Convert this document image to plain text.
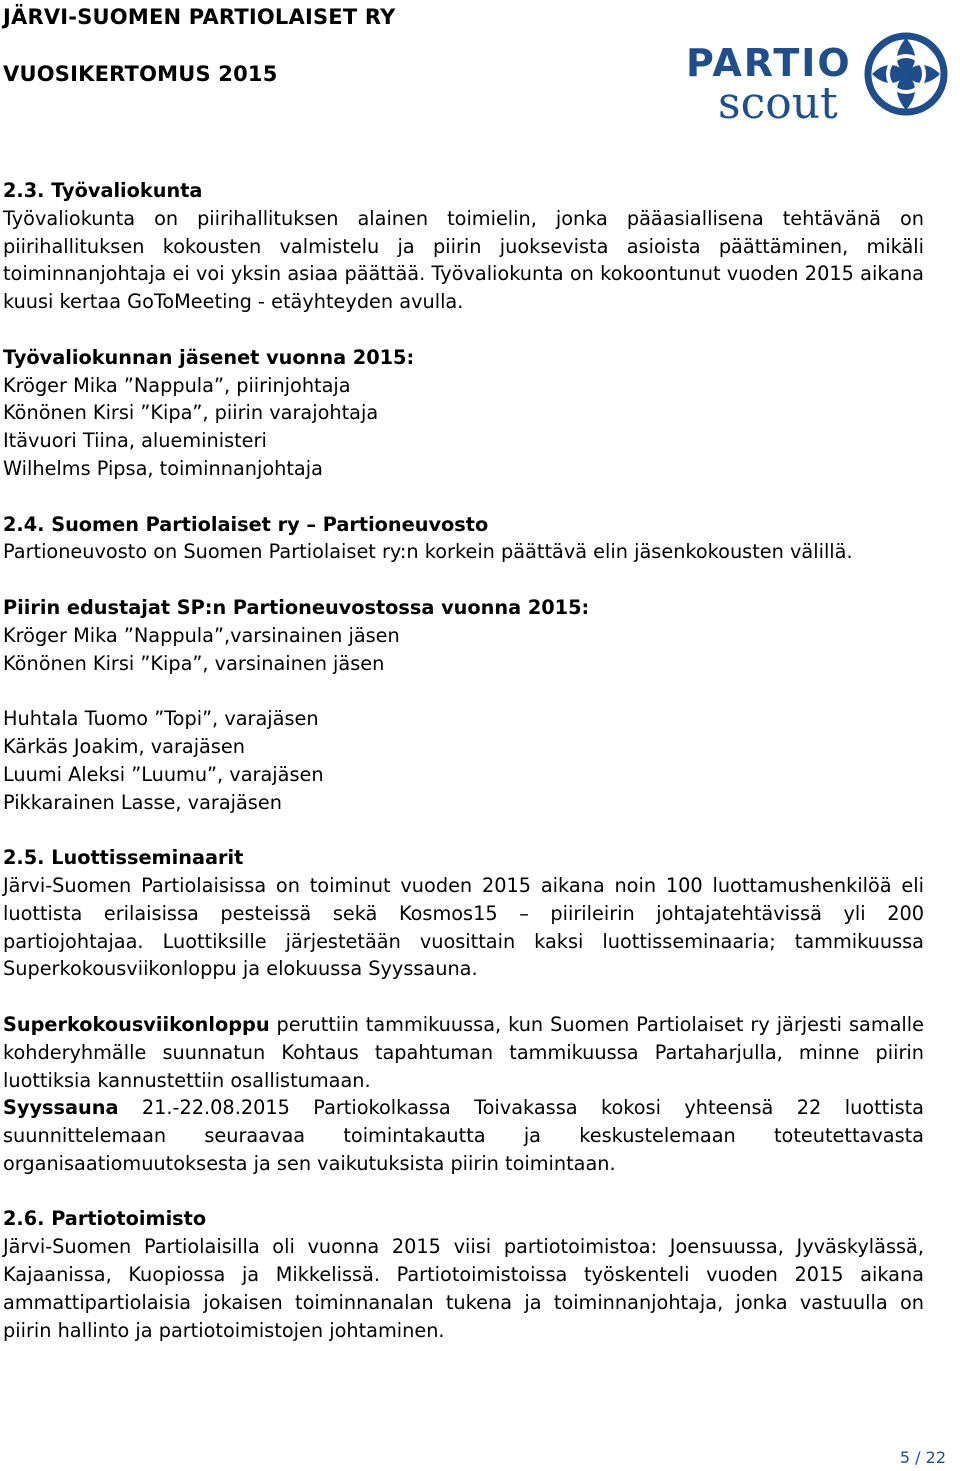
JÄRVI-SUOMEN PARTIOLAISET RY
VUOSIKERTOMUS 2015	PARTIO
scout

2.3. Työvaliokunta

Työvaliokunta on piirihallituksen alainen toimielin, jonka pääasiallisena tehtävänä on piirihallituksen kokousten valmistelu ja piirin juoksevista asioista päättäminen, mikäli toiminnanjohtaja ei voi yksin asiaa päättää. Työvaliokunta on kokoontunut vuoden 2015 aikana kuusi kertaa GoToMeeting - etäyhteyden avulla.

Työvaliokunnan jäsenet vuonna 2015:

Kröger Mika ”Nappula”, piirinjohtaja

Könönen Kirsi ”Kipa”, piirin varajohtaja

Itävuori Tiina, alueministeri

Wilhelms Pipsa, toiminnanjohtaja

2.4. Suomen Partiolaiset ry – Partioneuvosto

Partioneuvosto on Suomen Partiolaiset ry:n korkein päättävä elin jäsenkokousten välillä.

Piirin edustajat SP:n Partioneuvostossa vuonna 2015:

Kröger Mika ”Nappula”,varsinainen jäsen

Könönen Kirsi ”Kipa”, varsinainen jäsen

Huhtala Tuomo ”Topi”, varajäsen

Kärkäs Joakim, varajäsen

Luumi Aleksi ”Luumu”, varajäsen

Pikkarainen Lasse, varajäsen

2.5. Luottisseminaarit

Järvi-Suomen Partiolaisissa on toiminut vuoden 2015 aikana noin 100 luottamushenkilöä eli luottista erilaisissa pesteissä sekä Kosmos15 – piirileirin johtajatehtävissä yli 200 partiojohtajaa. Luottiksille järjestetään vuosittain kaksi luottisseminaaria; tammikuussa Superkokousviikonloppu ja elokuussa Syyssauna.

Superkokousviikonloppu peruttiin tammikuussa, kun Suomen Partiolaiset ry järjesti samalle kohderyhmälle suunnatun Kohtaus tapahtuman tammikuussa Partaharjulla, minne piirin luottiksia kannustettiin osallistumaan.

Syyssauna 21.-22.08.2015 Partiokolkassa Toivakassa kokosi yhteensä 22 luottista suunnittelemaan seuraavaa toimintakautta ja keskustelemaan toteutettavasta organisaatiomuutoksesta ja sen vaikutuksista piirin toimintaan.

2.6. Partiotoimisto

Järvi-Suomen Partiolaisilla oli vuonna 2015 viisi partiotoimistoa: Joensuussa, Jyväskylässä, Kajaanissa, Kuopiossa ja Mikkelissä. Partiotoimistoissa työskenteli vuoden 2015 aikana ammattipartiolaisia jokaisen toiminnanalan tukena ja toiminnanjohtaja, jonka vastuulla on piirin hallinto ja partiotoimistojen johtaminen.

5 / 22
